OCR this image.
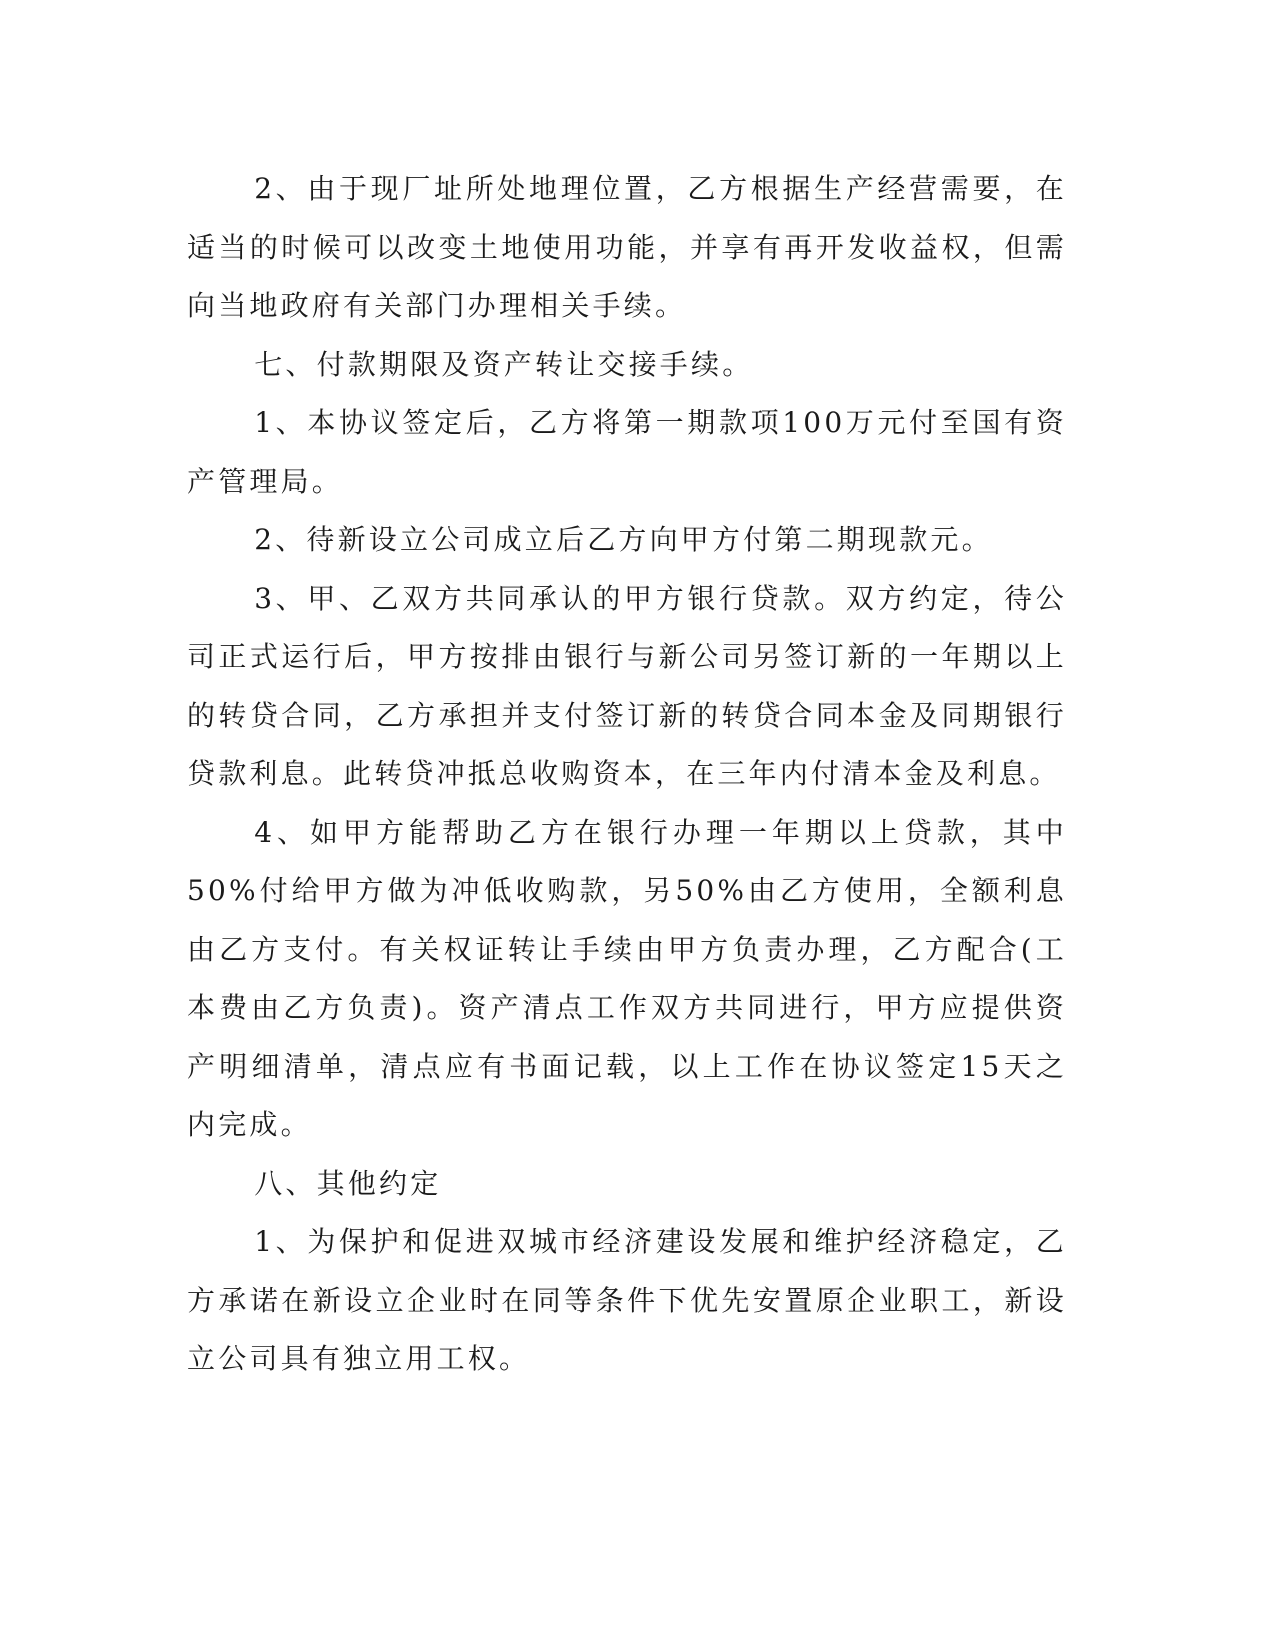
2、由于现厂址所处地理位置，乙方根据生产经营需要，在适当的时候可以改变土地使用功能，并享有再开发收益权，但需向当地政府有关部门办理相关手续。

七、付款期限及资产转让交接手续。

1、本协议签定后，乙方将第一期款项100万元付至国有资产管理局。

2、待新设立公司成立后乙方向甲方付第二期现款元。

3、甲、乙双方共同承认的甲方银行贷款。双方约定，待公司正式运行后，甲方按排由银行与新公司另签订新的一年期以上的转贷合同，乙方承担并支付签订新的转贷合同本金及同期银行贷款利息。此转贷冲抵总收购资本，在三年内付清本金及利息。

4、如甲方能帮助乙方在银行办理一年期以上贷款，其中50%付给甲方做为冲低收购款，另50%由乙方使用，全额利息由乙方支付。有关权证转让手续由甲方负责办理，乙方配合(工本费由乙方负责)。资产清点工作双方共同进行，甲方应提供资产明细清单，清点应有书面记载，以上工作在协议签定15天之内完成。

八、其他约定

1、为保护和促进双城市经济建设发展和维护经济稳定，乙方承诺在新设立企业时在同等条件下优先安置原企业职工，新设立公司具有独立用工权。
